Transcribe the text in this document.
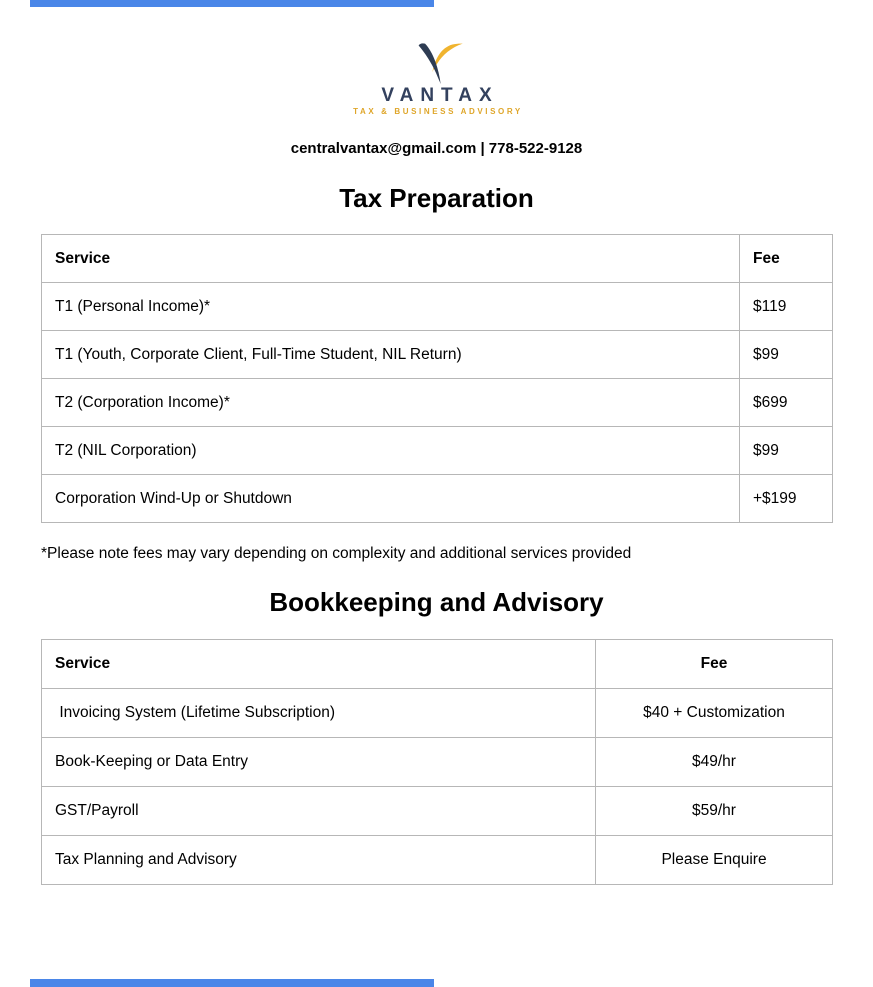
VANTAX
TAX & BUSINESS ADVISORY
centralvantax@gmail.com | 778-522-9128
Tax Preparation
Service	Fee
T1 (Personal Income)*	$119
T1 (Youth, Corporate Client, Full-Time Student, NIL Return)	$99
T2 (Corporation Income)*	$699
T2 (NIL Corporation)	$99
Corporation Wind-Up or Shutdown	+$199

*Please note fees may vary depending on complexity and additional services provided

Bookkeeping and Advisory
Service	Fee
Invoicing System (Lifetime Subscription)	$40 + Customization
Book-Keeping or Data Entry	$49/hr
GST/Payroll	$59/hr
Tax Planning and Advisory	Please Enquire
